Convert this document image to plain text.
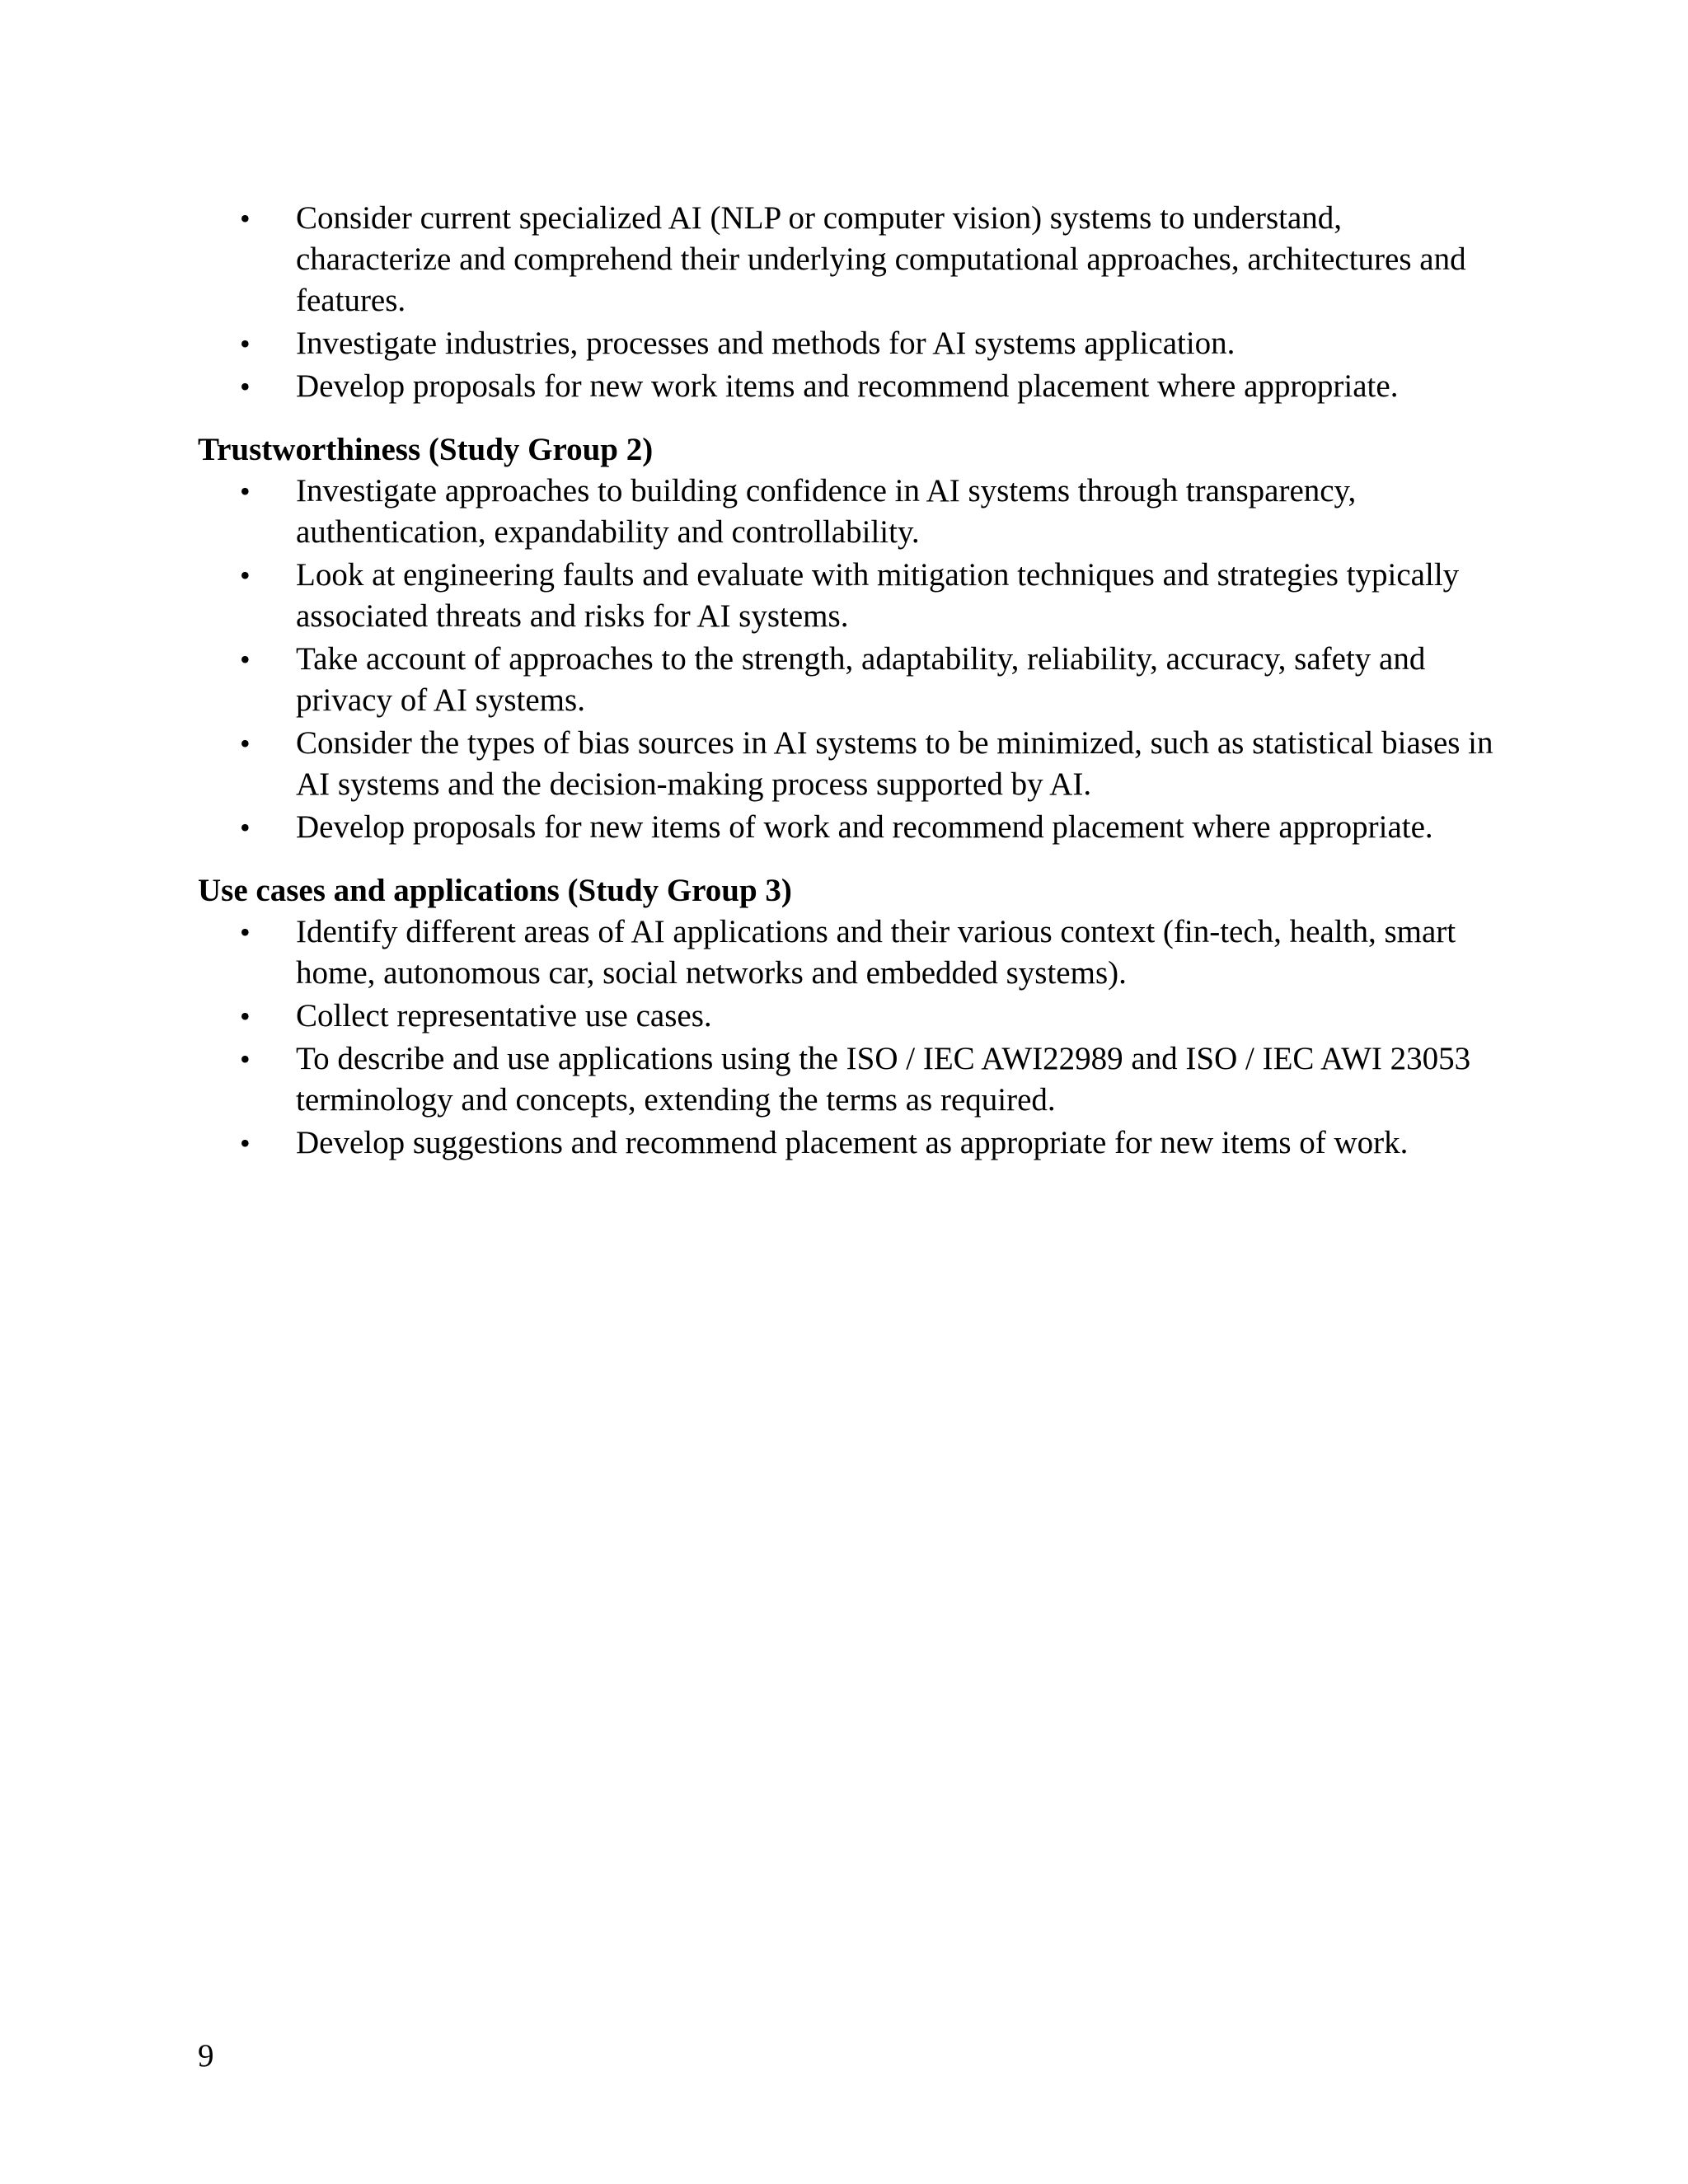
• Consider current specialized AI (NLP or computer vision) systems to understand, characterize and comprehend their underlying computational approaches, architectures and features.
• Investigate industries, processes and methods for AI systems application.
• Develop proposals for new work items and recommend placement where appropriate.
Trustworthiness (Study Group 2)
• Investigate approaches to building confidence in AI systems through transparency, authentication, expandability and controllability.
• Look at engineering faults and evaluate with mitigation techniques and strategies typically associated threats and risks for AI systems.
• Take account of approaches to the strength, adaptability, reliability, accuracy, safety and privacy of AI systems.
• Consider the types of bias sources in AI systems to be minimized, such as statistical biases in AI systems and the decision-making process supported by AI.
• Develop proposals for new items of work and recommend placement where appropriate.
Use cases and applications (Study Group 3)
• Identify different areas of AI applications and their various context (fin-tech, health, smart home, autonomous car, social networks and embedded systems).
• Collect representative use cases.
• To describe and use applications using the ISO / IEC AWI22989 and ISO / IEC AWI 23053 terminology and concepts, extending the terms as required.
• Develop suggestions and recommend placement as appropriate for new items of work.
9
